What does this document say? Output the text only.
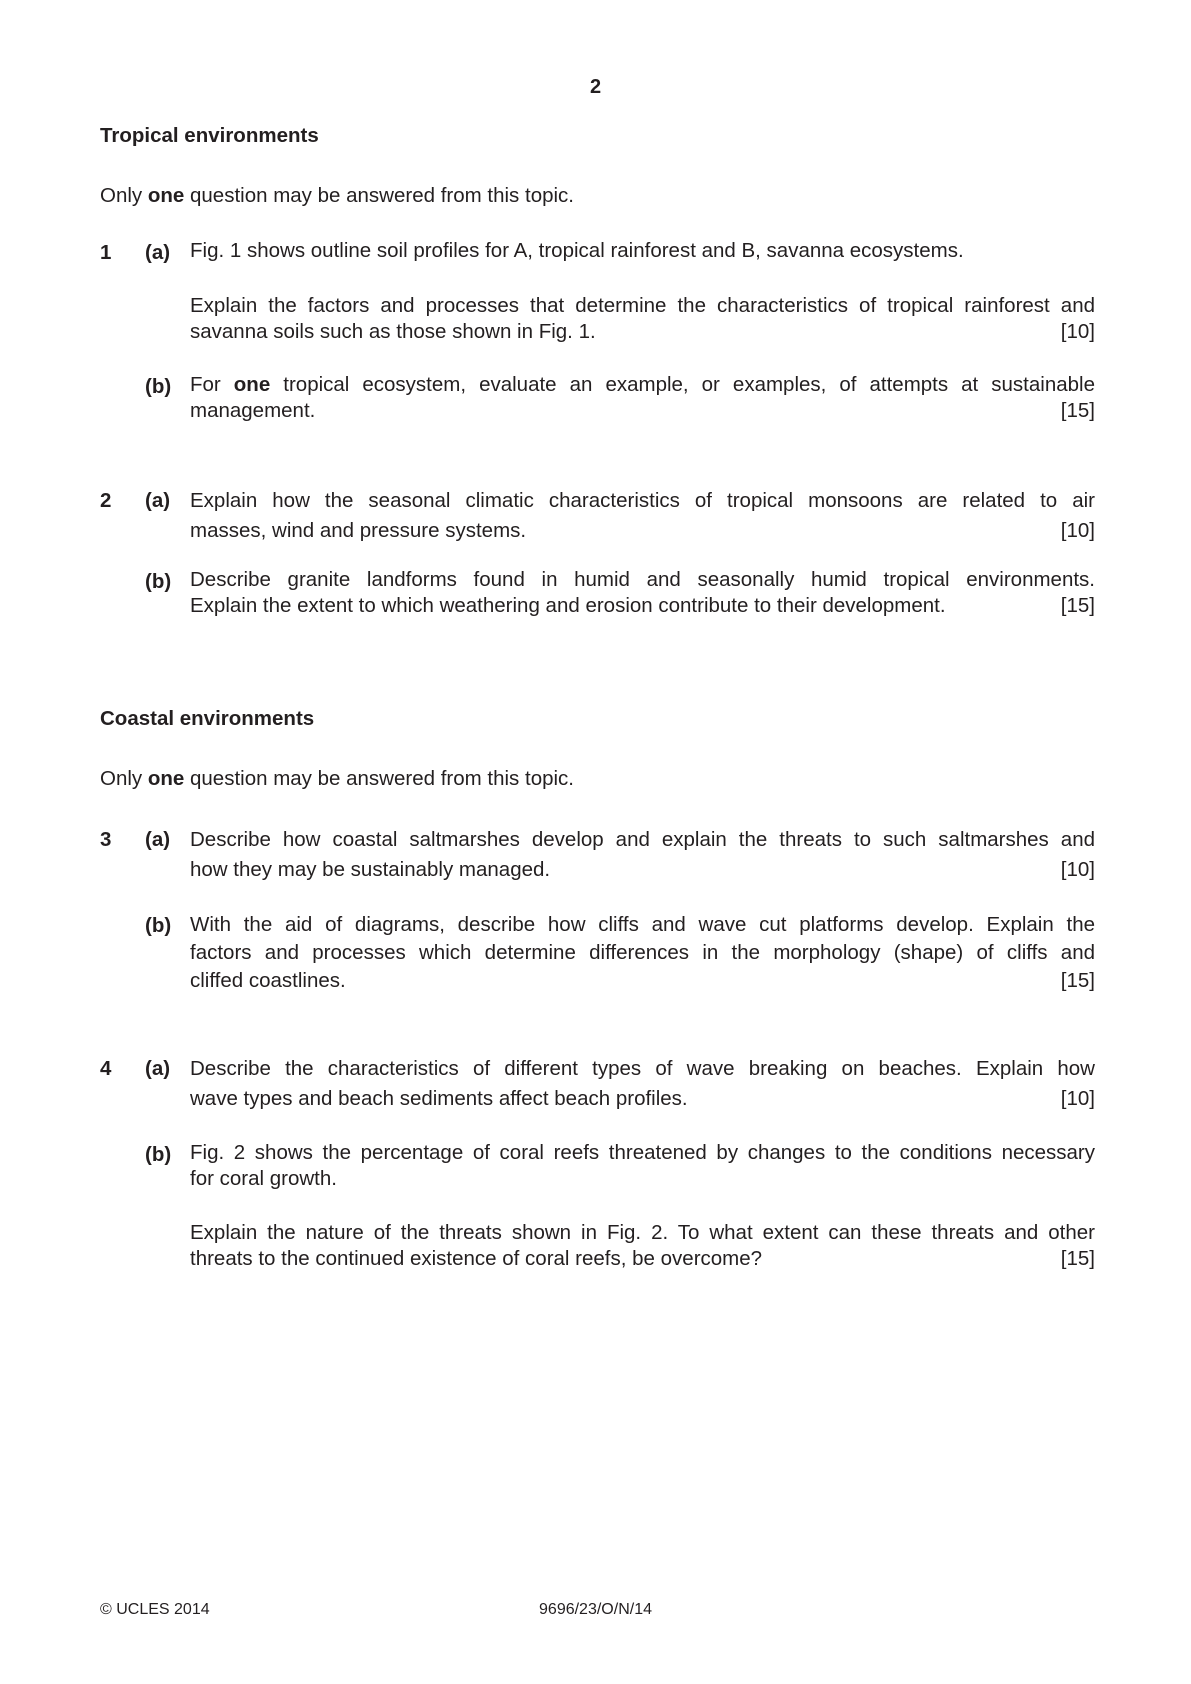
2
Tropical environments
Only one question may be answered from this topic.
1 (a) Fig. 1 shows outline soil profiles for A, tropical rainforest and B, savanna ecosystems.
Explain the factors and processes that determine the characteristics of tropical rainforest and
savanna soils such as those shown in Fig. 1.	[10]
(b) For one tropical ecosystem, evaluate an example, or examples, of attempts at sustainable
management.	[15]
2 (a) Explain how the seasonal climatic characteristics of tropical monsoons are related to air
masses, wind and pressure systems.	[10]
(b) Describe granite landforms found in humid and seasonally humid tropical environments.
Explain the extent to which weathering and erosion contribute to their development.	[15]
Coastal environments
Only one question may be answered from this topic.
3 (a) Describe how coastal saltmarshes develop and explain the threats to such saltmarshes and
how they may be sustainably managed.	[10]
(b) With the aid of diagrams, describe how cliffs and wave cut platforms develop. Explain the
factors and processes which determine differences in the morphology (shape) of cliffs and
cliffed coastlines.	[15]
4 (a) Describe the characteristics of different types of wave breaking on beaches. Explain how
wave types and beach sediments affect beach profiles.	[10]
(b) Fig. 2 shows the percentage of coral reefs threatened by changes to the conditions necessary
for coral growth.
Explain the nature of the threats shown in Fig. 2. To what extent can these threats and other
threats to the continued existence of coral reefs, be overcome?	[15]
© UCLES 2014	9696/23/O/N/14
